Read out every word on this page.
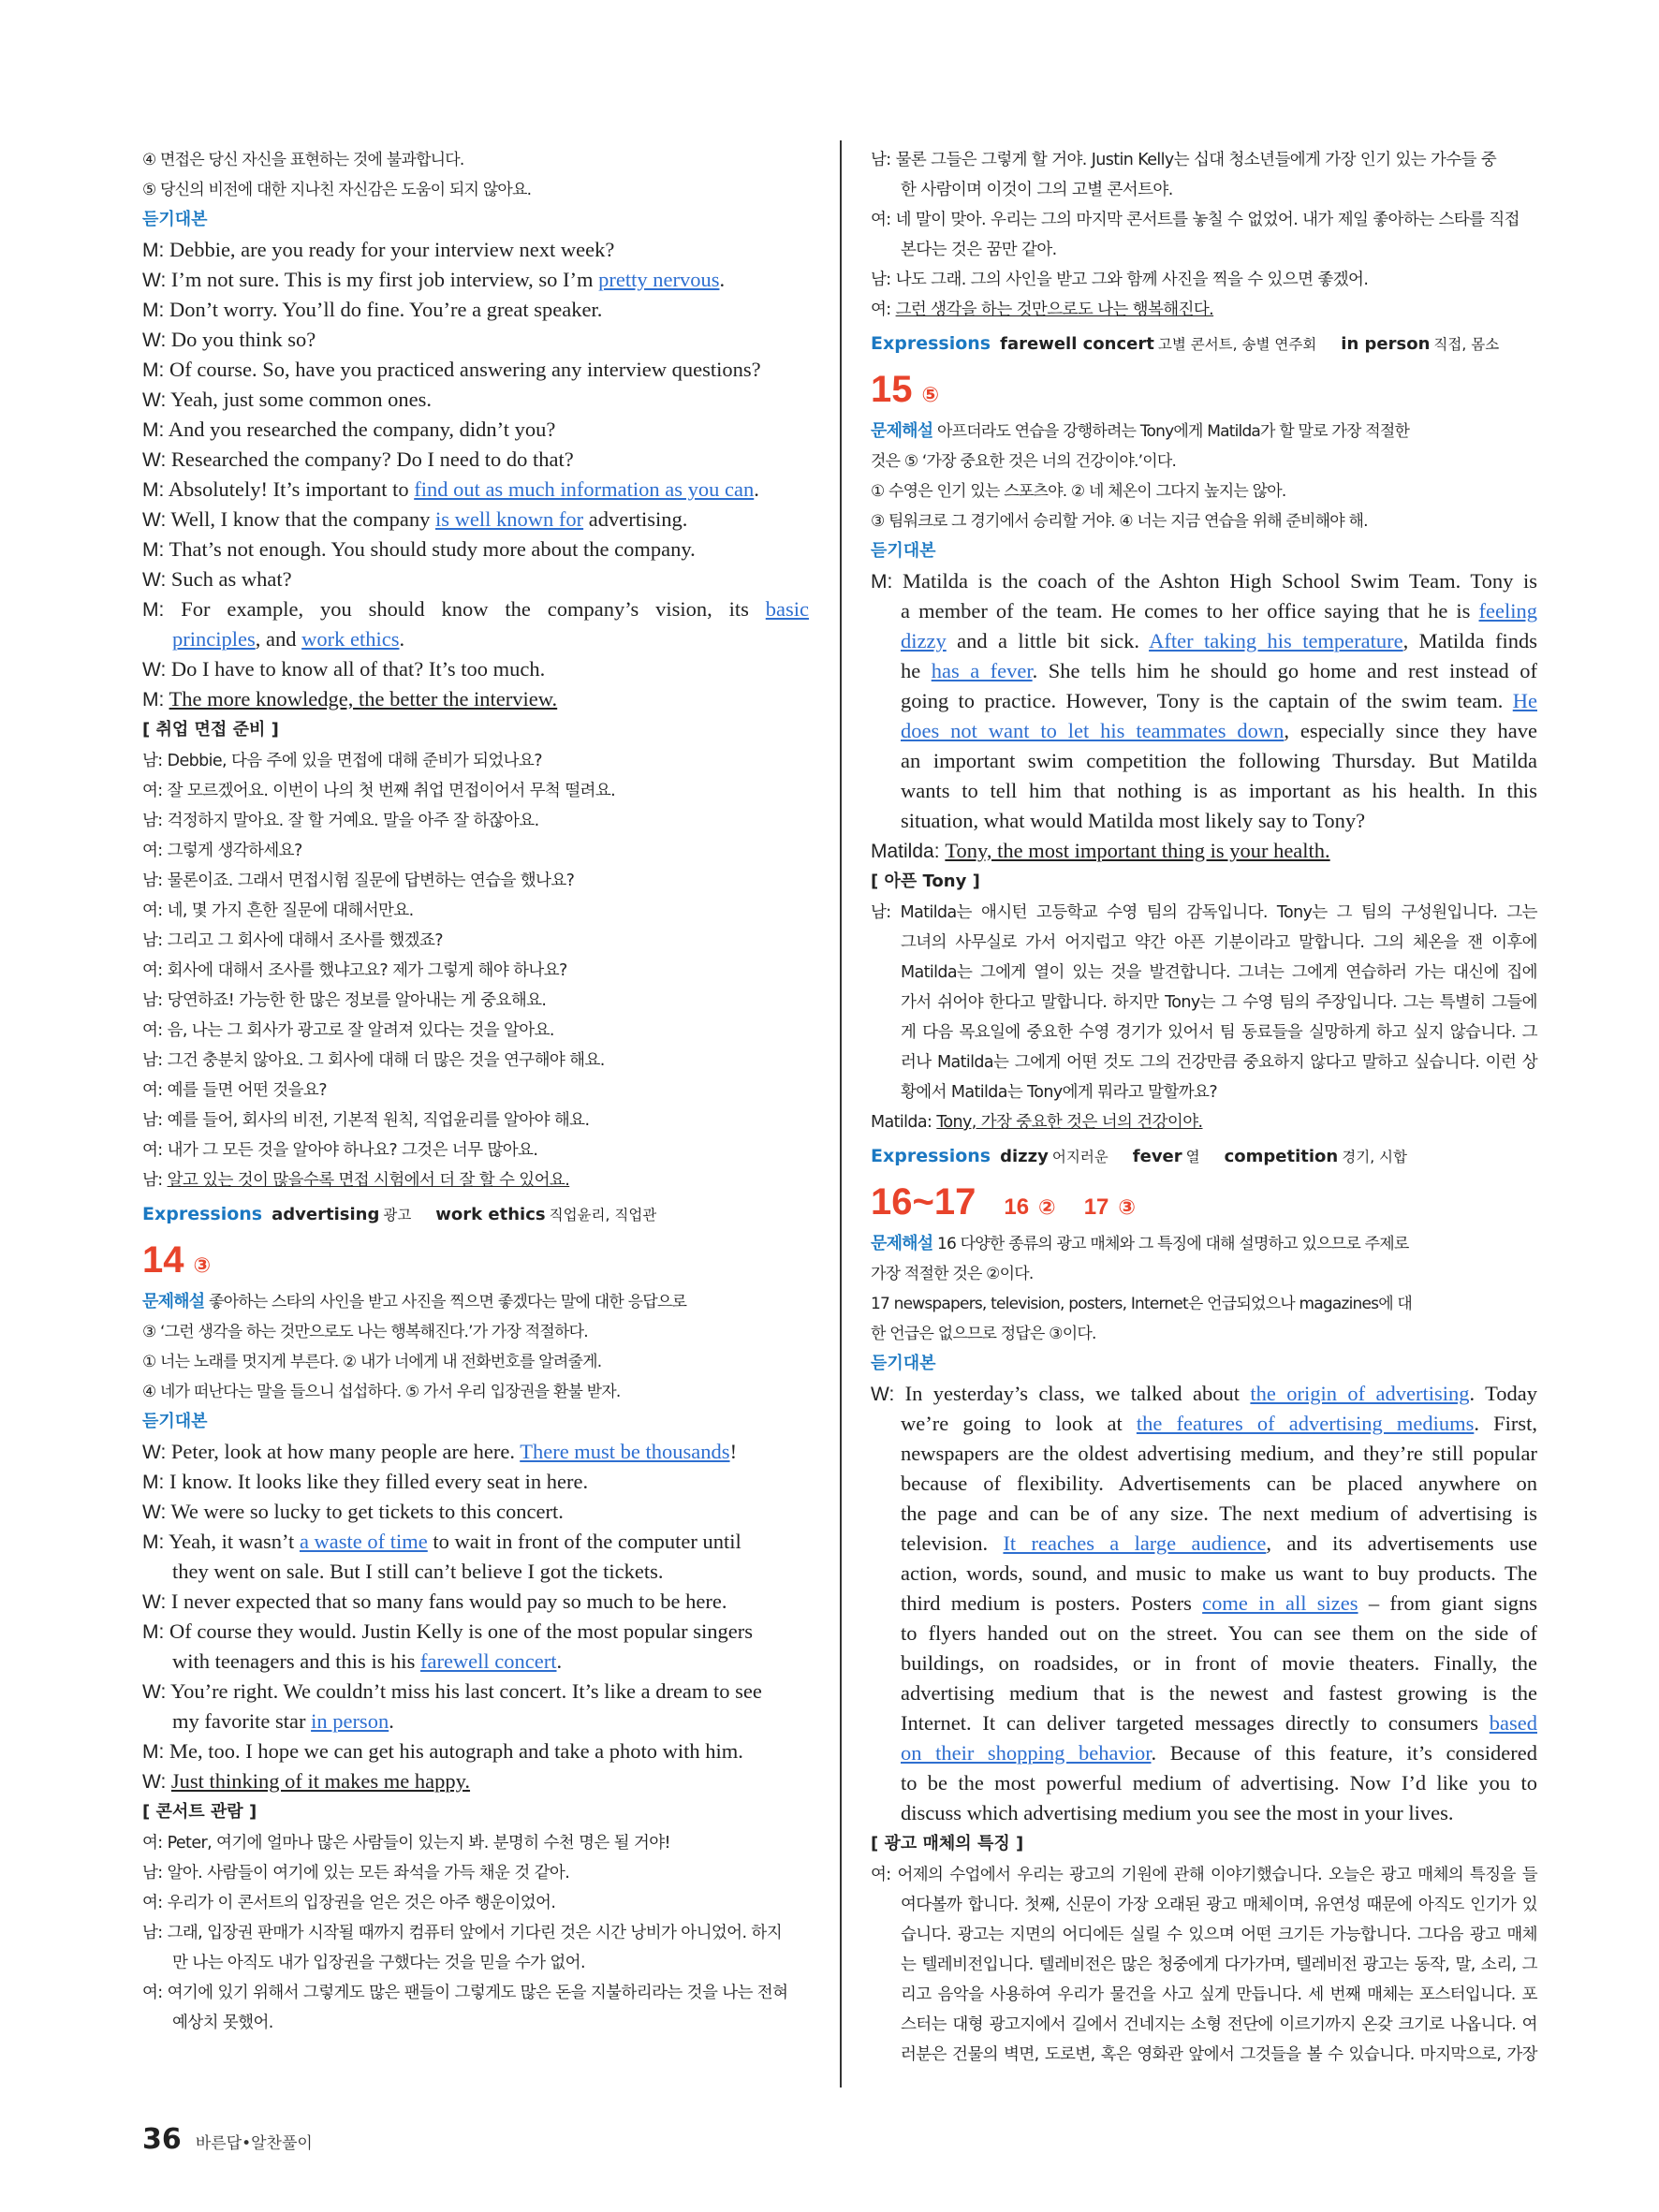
④ 면접은 당신 자신을 표현하는 것에 불과합니다.
⑤ 당신의 비전에 대한 지나친 자신감은 도움이 되지 않아요.
듣기대본
M: Debbie, are you ready for your interview next week?
W: I’m not sure. This is my first job interview, so I’m pretty nervous.
M: Don’t worry. You’ll do fine. You’re a great speaker.
W: Do you think so?
M: Of course. So, have you practiced answering any interview questions?
W: Yeah, just some common ones.
M: And you researched the company, didn’t you?
W: Researched the company? Do I need to do that?
M: Absolutely! It’s important to find out as much information as you can.
W: Well, I know that the company is well known for advertising.
M: That’s not enough. You should study more about the company.
W: Such as what?
M: For example, you should know the company’s vision, its basic
principles, and work ethics.
W: Do I have to know all of that? It’s too much.
M: The more knowledge, the better the interview.
[ 취업 면접 준비 ]
남: Debbie, 다음 주에 있을 면접에 대해 준비가 되었나요?
여: 잘 모르겠어요. 이번이 나의 첫 번째 취업 면접이어서 무척 떨려요.
남: 걱정하지 말아요. 잘 할 거예요. 말을 아주 잘 하잖아요.
여: 그렇게 생각하세요?
남: 물론이죠. 그래서 면접시험 질문에 답변하는 연습을 했나요?
여: 네, 몇 가지 흔한 질문에 대해서만요.
남: 그리고 그 회사에 대해서 조사를 했겠죠?
여: 회사에 대해서 조사를 했냐고요? 제가 그렇게 해야 하나요?
남: 당연하죠! 가능한 한 많은 정보를 알아내는 게 중요해요.
여: 음, 나는 그 회사가 광고로 잘 알려져 있다는 것을 알아요.
남: 그건 충분치 않아요. 그 회사에 대해 더 많은 것을 연구해야 해요.
여: 예를 들면 어떤 것을요?
남: 예를 들어, 회사의 비전, 기본적 원칙, 직업윤리를 알아야 해요.
여: 내가 그 모든 것을 알아야 하나요? 그것은 너무 많아요.
남: 알고 있는 것이 많을수록 면접 시험에서 더 잘 할 수 있어요.
Expressions advertising 광고 work ethics 직업윤리, 직업관
14 ③
문제해설 좋아하는 스타의 사인을 받고 사진을 찍으면 좋겠다는 말에 대한 응답으로
③ ‘그런 생각을 하는 것만으로도 나는 행복해진다.’가 가장 적절하다.
① 너는 노래를 멋지게 부른다. ② 내가 너에게 내 전화번호를 알려줄게.
④ 네가 떠난다는 말을 들으니 섭섭하다. ⑤ 가서 우리 입장권을 환불 받자.
듣기대본
W: Peter, look at how many people are here. There must be thousands!
M: I know. It looks like they filled every seat in here.
W: We were so lucky to get tickets to this concert.
M: Yeah, it wasn’t a waste of time to wait in front of the computer until
they went on sale. But I still can’t believe I got the tickets.
W: I never expected that so many fans would pay so much to be here.
M: Of course they would. Justin Kelly is one of the most popular singers
with teenagers and this is his farewell concert.
W: You’re right. We couldn’t miss his last concert. It’s like a dream to see
my favorite star in person.
M: Me, too. I hope we can get his autograph and take a photo with him.
W: Just thinking of it makes me happy.
[ 콘서트 관람 ]
여: Peter, 여기에 얼마나 많은 사람들이 있는지 봐. 분명히 수천 명은 될 거야!
남: 알아. 사람들이 여기에 있는 모든 좌석을 가득 채운 것 같아.
여: 우리가 이 콘서트의 입장권을 얻은 것은 아주 행운이었어.
남: 그래, 입장권 판매가 시작될 때까지 컴퓨터 앞에서 기다린 것은 시간 낭비가 아니었어. 하지
만 나는 아직도 내가 입장권을 구했다는 것을 믿을 수가 없어.
여: 여기에 있기 위해서 그렇게도 많은 팬들이 그렇게도 많은 돈을 지불하리라는 것을 나는 전혀
예상치 못했어.
남: 물론 그들은 그렇게 할 거야. Justin Kelly는 십대 청소년들에게 가장 인기 있는 가수들 중
한 사람이며 이것이 그의 고별 콘서트야.
여: 네 말이 맞아. 우리는 그의 마지막 콘서트를 놓칠 수 없었어. 내가 제일 좋아하는 스타를 직접
본다는 것은 꿈만 같아.
남: 나도 그래. 그의 사인을 받고 그와 함께 사진을 찍을 수 있으면 좋겠어.
여: 그런 생각을 하는 것만으로도 나는 행복해진다.
Expressions farewell concert 고별 콘서트, 송별 연주회 in person 직접, 몸소
15 ⑤
문제해설 아프더라도 연습을 강행하려는 Tony에게 Matilda가 할 말로 가장 적절한
것은 ⑤ ‘가장 중요한 것은 너의 건강이야.’이다.
① 수영은 인기 있는 스포츠야. ② 네 체온이 그다지 높지는 않아.
③ 팀워크로 그 경기에서 승리할 거야. ④ 너는 지금 연습을 위해 준비해야 해.
듣기대본
M: Matilda is the coach of the Ashton High School Swim Team. Tony is
a member of the team. He comes to her office saying that he is feeling
dizzy and a little bit sick. After taking his temperature, Matilda finds
he has a fever. She tells him he should go home and rest instead of
going to practice. However, Tony is the captain of the swim team. He
does not want to let his teammates down, especially since they have
an important swim competition the following Thursday. But Matilda
wants to tell him that nothing is as important as his health. In this
situation, what would Matilda most likely say to Tony?
Matilda: Tony, the most important thing is your health.
[ 아픈 Tony ]
남: Matilda는 애시턴 고등학교 수영 팀의 감독입니다. Tony는 그 팀의 구성원입니다. 그는
그녀의 사무실로 가서 어지럽고 약간 아픈 기분이라고 말합니다. 그의 체온을 잰 이후에
Matilda는 그에게 열이 있는 것을 발견합니다. 그녀는 그에게 연습하러 가는 대신에 집에
가서 쉬어야 한다고 말합니다. 하지만 Tony는 그 수영 팀의 주장입니다. 그는 특별히 그들에
게 다음 목요일에 중요한 수영 경기가 있어서 팀 동료들을 실망하게 하고 싶지 않습니다. 그
러나 Matilda는 그에게 어떤 것도 그의 건강만큼 중요하지 않다고 말하고 싶습니다. 이런 상
황에서 Matilda는 Tony에게 뭐라고 말할까요?
Matilda: Tony, 가장 중요한 것은 너의 건강이야.
Expressions dizzy 어지러운 fever 열 competition 경기, 시합
16~17 16 ② 17 ③
문제해설 16 다양한 종류의 광고 매체와 그 특징에 대해 설명하고 있으므로 주제로
가장 적절한 것은 ②이다.
17 newspapers, television, posters, Internet은 언급되었으나 magazines에 대
한 언급은 없으므로 정답은 ③이다.
듣기대본
W: In yesterday’s class, we talked about the origin of advertising. Today
we’re going to look at the features of advertising mediums. First,
newspapers are the oldest advertising medium, and they’re still popular
because of flexibility. Advertisements can be placed anywhere on
the page and can be of any size. The next medium of advertising is
television. It reaches a large audience, and its advertisements use
action, words, sound, and music to make us want to buy products. The
third medium is posters. Posters come in all sizes – from giant signs
to flyers handed out on the street. You can see them on the side of
buildings, on roadsides, or in front of movie theaters. Finally, the
advertising medium that is the newest and fastest growing is the
Internet. It can deliver targeted messages directly to consumers based
on their shopping behavior. Because of this feature, it’s considered
to be the most powerful medium of advertising. Now I’d like you to
discuss which advertising medium you see the most in your lives.
[ 광고 매체의 특징 ]
여: 어제의 수업에서 우리는 광고의 기원에 관해 이야기했습니다. 오늘은 광고 매체의 특징을 들
여다볼까 합니다. 첫째, 신문이 가장 오래된 광고 매체이며, 유연성 때문에 아직도 인기가 있
습니다. 광고는 지면의 어디에든 실릴 수 있으며 어떤 크기든 가능합니다. 그다음 광고 매체
는 텔레비전입니다. 텔레비전은 많은 청중에게 다가가며, 텔레비전 광고는 동작, 말, 소리, 그
리고 음악을 사용하여 우리가 물건을 사고 싶게 만듭니다. 세 번째 매체는 포스터입니다. 포
스터는 대형 광고지에서 길에서 건네지는 소형 전단에 이르기까지 온갖 크기로 나옵니다. 여
러분은 건물의 벽면, 도로변, 혹은 영화관 앞에서 그것들을 볼 수 있습니다. 마지막으로, 가장
36 바른답•알찬풀이
